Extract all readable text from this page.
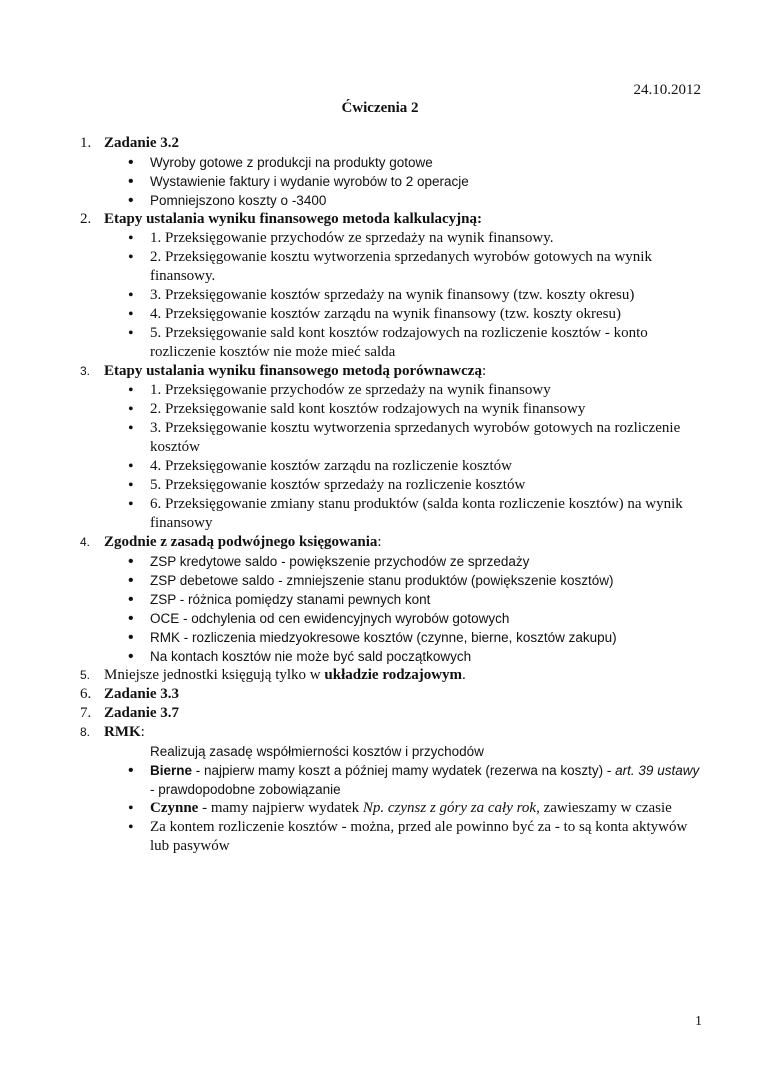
24.10.2012
Ćwiczenia 2
1. Zadanie 3.2
• Wyroby gotowe z produkcji na produkty gotowe
• Wystawienie faktury i wydanie wyrobów to 2 operacje
• Pomniejszono koszty o -3400
2. Etapy ustalania wyniku finansowego metoda kalkulacyjną:
• 1. Przeksięgowanie przychodów ze sprzedaży na wynik finansowy.
• 2. Przeksięgowanie kosztu wytworzenia sprzedanych wyrobów gotowych na wynik finansowy.
• 3. Przeksięgowanie kosztów sprzedaży na wynik finansowy (tzw. koszty okresu)
• 4. Przeksięgowanie kosztów zarządu na wynik finansowy (tzw. koszty okresu)
• 5. Przeksięgowanie sald kont kosztów rodzajowych na rozliczenie kosztów - konto rozliczenie kosztów nie może mieć salda
3. Etapy ustalania wyniku finansowego metodą porównawczą:
• 1. Przeksięgowanie przychodów ze sprzedaży na wynik finansowy
• 2. Przeksięgowanie sald kont kosztów rodzajowych na wynik finansowy
• 3. Przeksięgowanie kosztu wytworzenia sprzedanych wyrobów gotowych na rozliczenie kosztów
• 4. Przeksięgowanie kosztów zarządu na rozliczenie kosztów
• 5. Przeksięgowanie kosztów sprzedaży na rozliczenie kosztów
• 6. Przeksięgowanie zmiany stanu produktów (salda konta rozliczenie kosztów) na wynik finansowy
4. Zgodnie z zasadą podwójnego księgowania:
• ZSP kredytowe saldo - powiększenie przychodów ze sprzedaży
• ZSP debetowe saldo - zmniejszenie stanu produktów (powiększenie kosztów)
• ZSP - różnica pomiędzy stanami pewnych kont
• OCE - odchylenia od cen ewidencyjnych wyrobów gotowych
• RMK - rozliczenia miedzyokresowe kosztów (czynne, bierne, kosztów zakupu)
• Na kontach kosztów nie może być sald początkowych
5. Mniejsze jednostki księgują tylko w układzie rodzajowym.
6. Zadanie 3.3
7. Zadanie 3.7
8. RMK:
Realizują zasadę współmierności kosztów i przychodów
• Bierne - najpierw mamy koszt a później mamy wydatek (rezerwa na koszty) - art. 39 ustawy - prawdopodobne zobowiązanie
• Czynne - mamy najpierw wydatek Np. czynsz z góry za cały rok, zawieszamy w czasie
• Za kontem rozliczenie kosztów - można, przed ale powinno być za - to są konta aktywów lub pasywów
1
